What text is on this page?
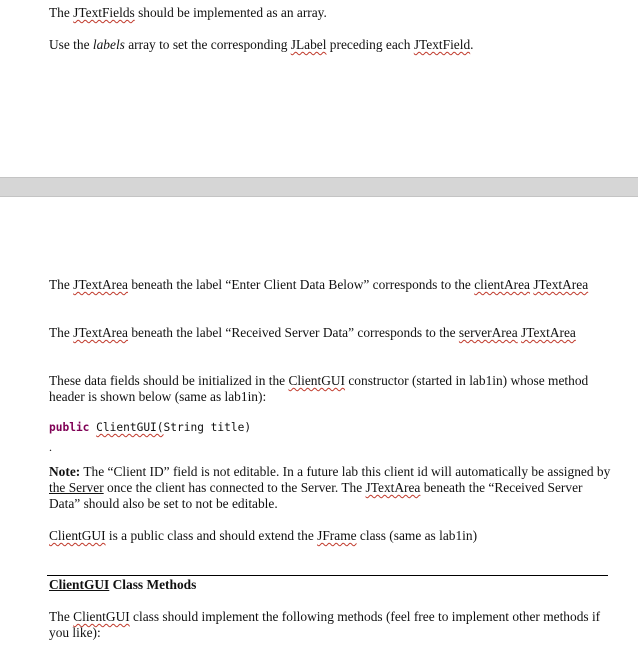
The JTextFields should be implemented as an array.

Use the labels array to set the corresponding JLabel preceding each JTextField.

The JTextArea beneath the label “Enter Client Data Below” corresponds to the clientArea JTextArea

The JTextArea beneath the label “Received Server Data” corresponds to the serverArea JTextArea

These data fields should be initialized in the ClientGUI constructor (started in lab1in) whose method header is shown below (same as lab1in):

public ClientGUI(String title)

.

Note: The “Client ID” field is not editable. In a future lab this client id will automatically be assigned by the Server once the client has connected to the Server. The JTextArea beneath the “Received Server Data” should also be set to not be editable.

ClientGUI is a public class and should extend the JFrame class (same as lab1in)

ClientGUI Class Methods

The ClientGUI class should implement the following methods (feel free to implement other methods if you like):
